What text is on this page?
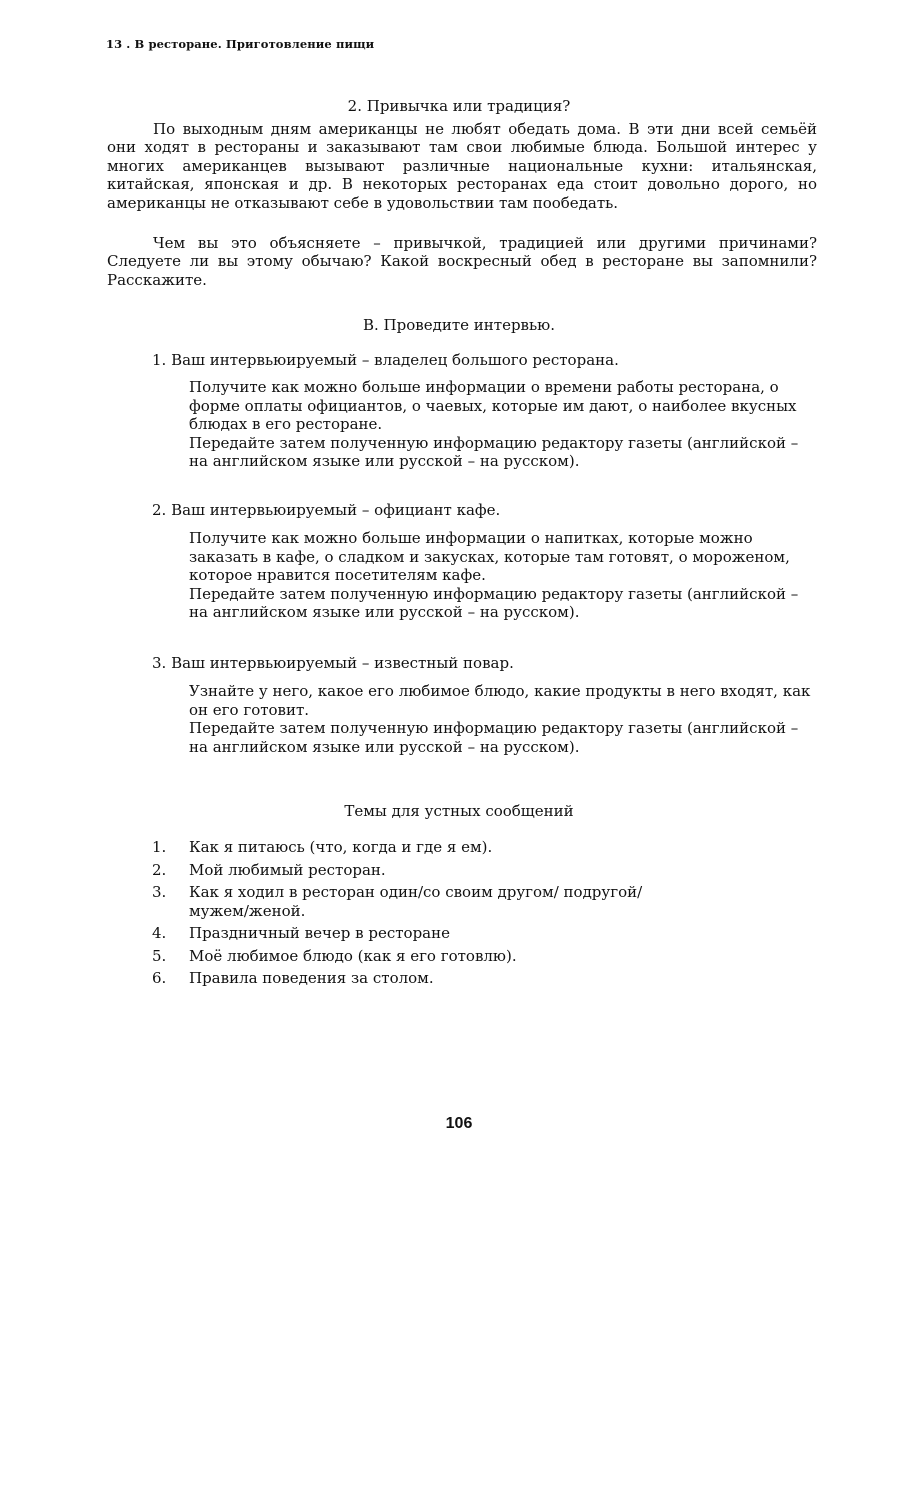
13 . В ресторане. Приготовление пищи
2. Привычка или традиция?

По выходным дням американцы не любят обедать дома. В эти дни всей семьёй они ходят в рестораны и заказывают там свои любимые блюда. Большой интерес у многих американцев вызывают различные национальные кухни: итальянская, китайская, японская и др. В некоторых ресторанах еда стоит довольно дорого, но американцы не отказывают себе в удовольствии там пообедать.

Чем вы это объясняете – привычкой, традицией или другими причинами? Следуете ли вы этому обычаю? Какой воскресный обед в ресторане вы запомнили? Расскажите.

В. Проведите интервью.
1. Ваш интервьюируемый – владелец большого ресторана.

Получите как можно больше информации о времени работы ресторана, о форме оплаты официантов, о чаевых, которые им дают, о наиболее вкусных блюдах в его ресторане.

Передайте затем полученную информацию редактору газеты (английской – на английском языке или русской – на русском).

2. Ваш интервьюируемый – официант кафе.

Получите как можно больше информации о напитках, которые можно заказать в кафе, о сладком и закусках, которые там готовят, о мороженом, которое нравится посетителям кафе.

Передайте затем полученную информацию редактору газеты (английской – на английском языке или русской – на русском).

3. Ваш интервьюируемый – известный повар.

Узнайте у него, какое его любимое блюдо, какие продукты в него входят, как он его готовит.

Передайте затем полученную информацию редактору газеты (английской – на английском языке или русской – на русском).

Темы для устных сообщений
1.	Как я питаюсь (что, когда и где я ем).
2.	Мой любимый ресторан.
3.	Как я ходил в ресторан один/со своим другом/ подругой/мужем/женой.
4.	Праздничный вечер в ресторане
5.	Моё любимое блюдо (как я его готовлю).
6.	Правила поведения за столом.
106
